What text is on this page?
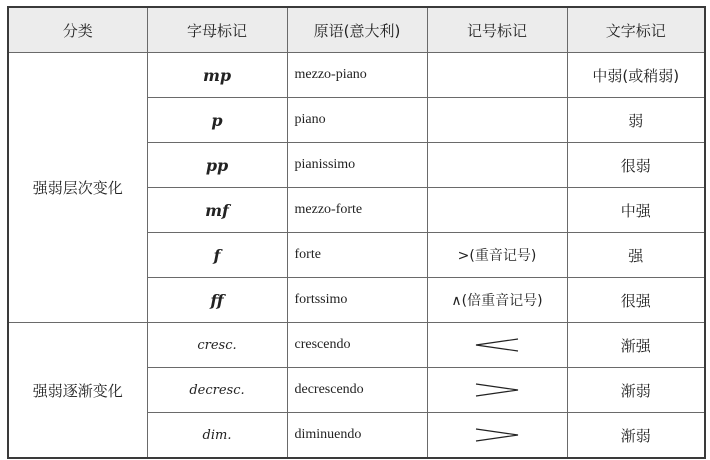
分类	字母标记	原语(意大利)	记号标记	文字标记
强弱层次变化	mp	mezzo-piano		中弱(或稍弱)
	p	piano		弱
	pp	pianissimo		很弱
	mf	mezzo-forte		中强
	f	forte	>(重音记号)	强
	ff	fortssimo	∧(倍重音记号)	很强
强弱逐渐变化	cresc.	crescendo		渐强
	decresc.	decrescendo		渐弱
	dim.	diminuendo		渐弱
